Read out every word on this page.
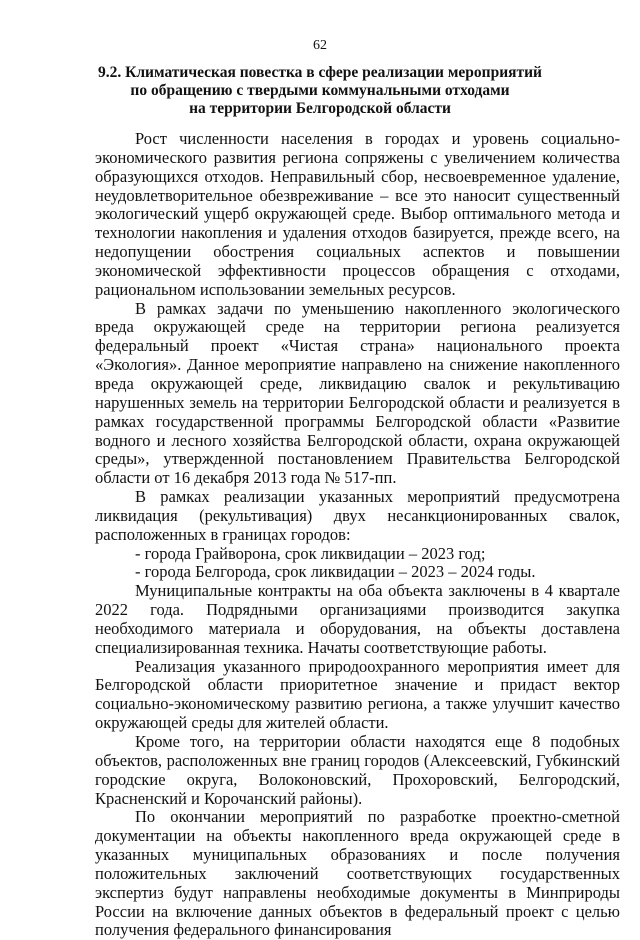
62
9.2. Климатическая повестка в сфере реализации мероприятий
по обращению с твердыми коммунальными отходами
на территории Белгородской области

Рост численности населения в городах и уровень социально-экономического развития региона сопряжены с увеличением количества образующихся отходов. Неправильный сбор, несвоевременное удаление, неудовлетворительное обезвреживание – все это наносит существенный экологический ущерб окружающей среде. Выбор оптимального метода и технологии накопления и удаления отходов базируется, прежде всего, на недопущении обострения социальных аспектов и повышении экономической эффективности процессов обращения с отходами, рациональном использовании земельных ресурсов.

В рамках задачи по уменьшению накопленного экологического вреда окружающей среде на территории региона реализуется федеральный проект «Чистая страна» национального проекта «Экология». Данное мероприятие направлено на снижение накопленного вреда окружающей среде, ликвидацию свалок и рекультивацию нарушенных земель на территории Белгородской области и реализуется в рамках государственной программы Белгородской области «Развитие водного и лесного хозяйства Белгородской области, охрана окружающей среды», утвержденной постановлением Правительства Белгородской области от 16 декабря 2013 года № 517-пп.

В рамках реализации указанных мероприятий предусмотрена ликвидация (рекультивация) двух несанкционированных свалок, расположенных в границах городов:

- города Грайворона, срок ликвидации – 2023 год;

- города Белгорода, срок ликвидации – 2023 – 2024 годы.

Муниципальные контракты на оба объекта заключены в 4 квартале 2022 года. Подрядными организациями производится закупка необходимого материала и оборудования, на объекты доставлена специализированная техника. Начаты соответствующие работы.

Реализация указанного природоохранного мероприятия имеет для Белгородской области приоритетное значение и придаст вектор социально-экономическому развитию региона, а также улучшит качество окружающей среды для жителей области.

Кроме того, на территории области находятся еще 8 подобных объектов, расположенных вне границ городов (Алексеевский, Губкинский городские округа, Волоконовский, Прохоровский, Белгородский, Красненский и Корочанский районы).

По окончании мероприятий по разработке проектно-сметной документации на объекты накопленного вреда окружающей среде в указанных муниципальных образованиях и после получения положительных заключений соответствующих государственных экспертиз будут направлены необходимые документы в Минприроды России на включение данных объектов в федеральный проект с целью получения федерального финансирования
